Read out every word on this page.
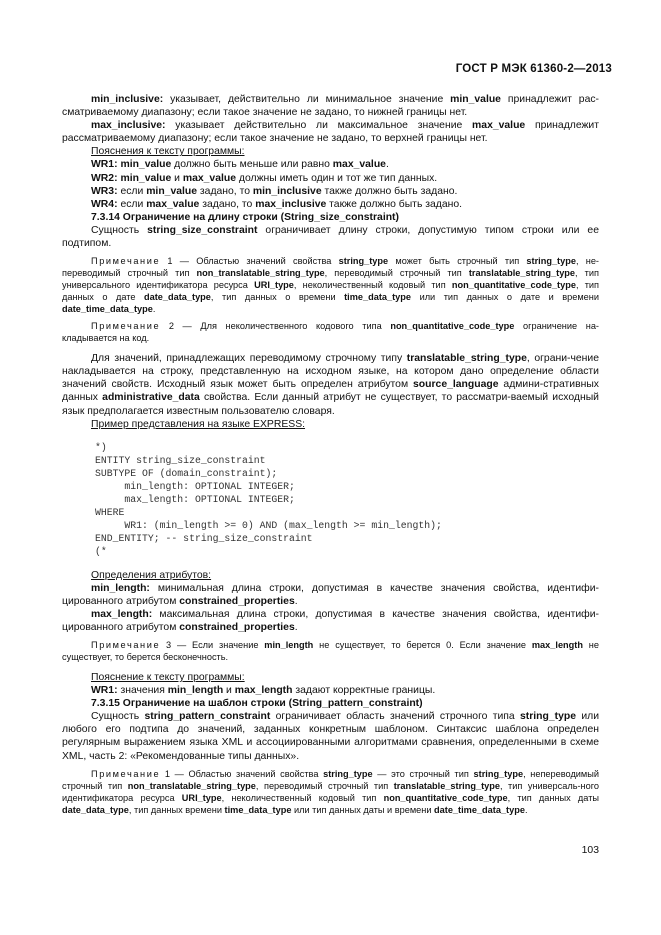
ГОСТ Р МЭК 61360-2—2013

min_inclusive: указывает, действительно ли минимальное значение min_value принадлежит рас-сматриваемому диапазону; если такое значение не задано, то нижней границы нет.

max_inclusive: указывает действительно ли максимальное значение max_value принадлежит рассматриваемому диапазону; если такое значение не задано, то верхней границы нет.

Пояснения к тексту программы:

WR1: min_value должно быть меньше или равно max_value.

WR2: min_value и max_value должны иметь один и тот же тип данных.

WR3: если min_value задано, то min_inclusive также должно быть задано.

WR4: если max_value задано, то max_inclusive также должно быть задано.

7.3.14 Ограничение на длину строки (String_size_constraint)

Сущность string_size_constraint ограничивает длину строки, допустимую типом строки или ее подтипом.

Примечание 1 — Областью значений свойства string_type может быть строчный тип string_type, не-переводимый строчный тип non_translatable_string_type, переводимый строчный тип translatable_string_type, тип универсального идентификатора ресурса URI_type, неколичественный кодовый тип non_quantitative_code_type, тип данных о дате date_data_type, тип данных о времени time_data_type или тип данных о дате и времени date_time_data_type.

Примечание 2 — Для неколичественного кодового типа non_quantitative_code_type ограничение на-кладывается на код.

Для значений, принадлежащих переводимому строчному типу translatable_string_type, ограни-чение накладывается на строку, представленную на исходном языке, на котором дано определение области значений свойств. Исходный язык может быть определен атрибутом source_language админи-стративных данных administrative_data свойства. Если данный атрибут не существует, то рассматри-ваемый исходный язык предполагается известным пользователю словаря.

Пример представления на языке EXPRESS:

*)
ENTITY string_size_constraint
SUBTYPE OF (domain_constraint);
min_length: OPTIONAL INTEGER;
max_length: OPTIONAL INTEGER;
WHERE
WR1: (min_length >= 0) AND (max_length >= min_length);
END_ENTITY; -- string_size_constraint
(*

Определения атрибутов:

min_length: минимальная длина строки, допустимая в качестве значения свойства, идентифи-цированного атрибутом constrained_properties.

max_length: максимальная длина строки, допустимая в качестве значения свойства, идентифи-цированного атрибутом constrained_properties.

Примечание 3 — Если значение min_length не существует, то берется 0. Если значение max_length не существует, то берется бесконечность.

Пояснение к тексту программы:

WR1: значения min_length и max_length задают корректные границы.

7.3.15 Ограничение на шаблон строки (String_pattern_constraint)

Сущность string_pattern_constraint ограничивает область значений строчного типа string_type или любого его подтипа до значений, заданных конкретным шаблоном. Синтаксис шаблона определен регулярным выражением языка XML и ассоциированными алгоритмами сравнения, определенными в схеме XML, часть 2: «Рекомендованные типы данных».

Примечание 1 — Областью значений свойства string_type — это строчный тип string_type, непереводимый строчный тип non_translatable_string_type, переводимый строчный тип translatable_string_type, тип универсаль-ного идентификатора ресурса URI_type, неколичественный кодовый тип non_quantitative_code_type, тип данных даты date_data_type, тип данных времени time_data_type или тип данных даты и времени date_time_data_type.

103
